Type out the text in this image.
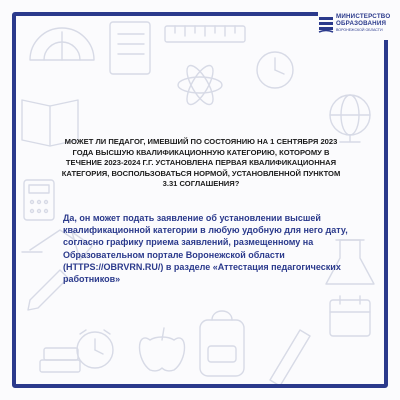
МИНИСТЕРСТВО
ОБРАЗОВАНИЯ
ВОРОНЕЖСКОЙ ОБЛАСТИ

МОЖЕТ ЛИ ПЕДАГОГ, ИМЕВШИЙ ПО СОСТОЯНИЮ НА 1 СЕНТЯБРЯ 2023 ГОДА ВЫСШУЮ КВАЛИФИКАЦИОННУЮ КАТЕГОРИЮ, КОТОРОМУ В ТЕЧЕНИЕ 2023-2024 Г.Г. УСТАНОВЛЕНА ПЕРВАЯ КВАЛИФИКАЦИОННАЯ КАТЕГОРИЯ, ВОСПОЛЬЗОВАТЬСЯ НОРМОЙ, УСТАНОВЛЕННОЙ ПУНКТОМ 3.31 СОГЛАШЕНИЯ?

Да, он может подать заявление об установлении высшей квалификационной категории в любую удобную для него дату, согласно графику приема заявлений, размещенному на Образовательном портале Воронежской области (HTTPS://OBRVRN.RU/) в разделе «Аттестация педагогических работников»
